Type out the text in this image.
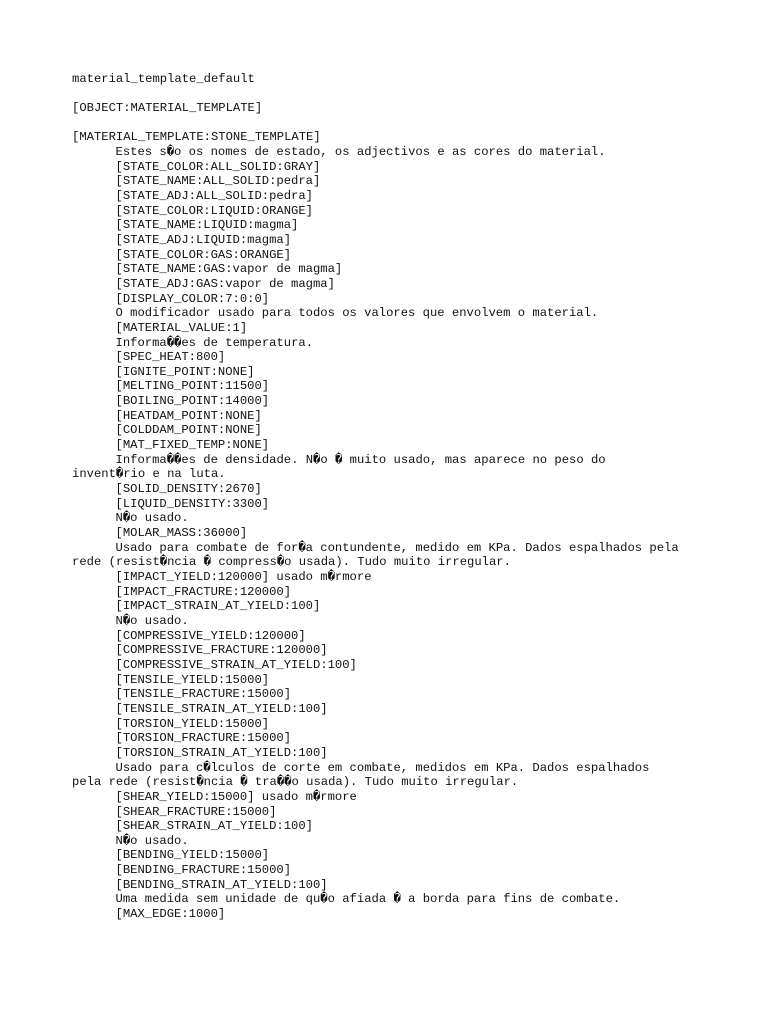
material_template_default
[OBJECT:MATERIAL_TEMPLATE]
[MATERIAL_TEMPLATE:STONE_TEMPLATE]
Estes s�o os nomes de estado, os adjectivos e as cores do material.
[STATE_COLOR:ALL_SOLID:GRAY]
[STATE_NAME:ALL_SOLID:pedra]
[STATE_ADJ:ALL_SOLID:pedra]
[STATE_COLOR:LIQUID:ORANGE]
[STATE_NAME:LIQUID:magma]
[STATE_ADJ:LIQUID:magma]
[STATE_COLOR:GAS:ORANGE]
[STATE_NAME:GAS:vapor de magma]
[STATE_ADJ:GAS:vapor de magma]
[DISPLAY_COLOR:7:0:0]
O modificador usado para todos os valores que envolvem o material.
[MATERIAL_VALUE:1]
Informa��es de temperatura.
[SPEC_HEAT:800]
[IGNITE_POINT:NONE]
[MELTING_POINT:11500]
[BOILING_POINT:14000]
[HEATDAM_POINT:NONE]
[COLDDAM_POINT:NONE]
[MAT_FIXED_TEMP:NONE]
Informa��es de densidade. N�o � muito usado, mas aparece no peso do
invent�rio e na luta.
[SOLID_DENSITY:2670]
[LIQUID_DENSITY:3300]
N�o usado.
[MOLAR_MASS:36000]
Usado para combate de for�a contundente, medido em KPa. Dados espalhados pela
rede (resist�ncia � compress�o usada). Tudo muito irregular.
[IMPACT_YIELD:120000] usado m�rmore
[IMPACT_FRACTURE:120000]
[IMPACT_STRAIN_AT_YIELD:100]
N�o usado.
[COMPRESSIVE_YIELD:120000]
[COMPRESSIVE_FRACTURE:120000]
[COMPRESSIVE_STRAIN_AT_YIELD:100]
[TENSILE_YIELD:15000]
[TENSILE_FRACTURE:15000]
[TENSILE_STRAIN_AT_YIELD:100]
[TORSION_YIELD:15000]
[TORSION_FRACTURE:15000]
[TORSION_STRAIN_AT_YIELD:100]
Usado para c�lculos de corte em combate, medidos em KPa. Dados espalhados
pela rede (resist�ncia � tra��o usada). Tudo muito irregular.
[SHEAR_YIELD:15000] usado m�rmore
[SHEAR_FRACTURE:15000]
[SHEAR_STRAIN_AT_YIELD:100]
N�o usado.
[BENDING_YIELD:15000]
[BENDING_FRACTURE:15000]
[BENDING_STRAIN_AT_YIELD:100]
Uma medida sem unidade de qu�o afiada � a borda para fins de combate.
[MAX_EDGE:1000]
